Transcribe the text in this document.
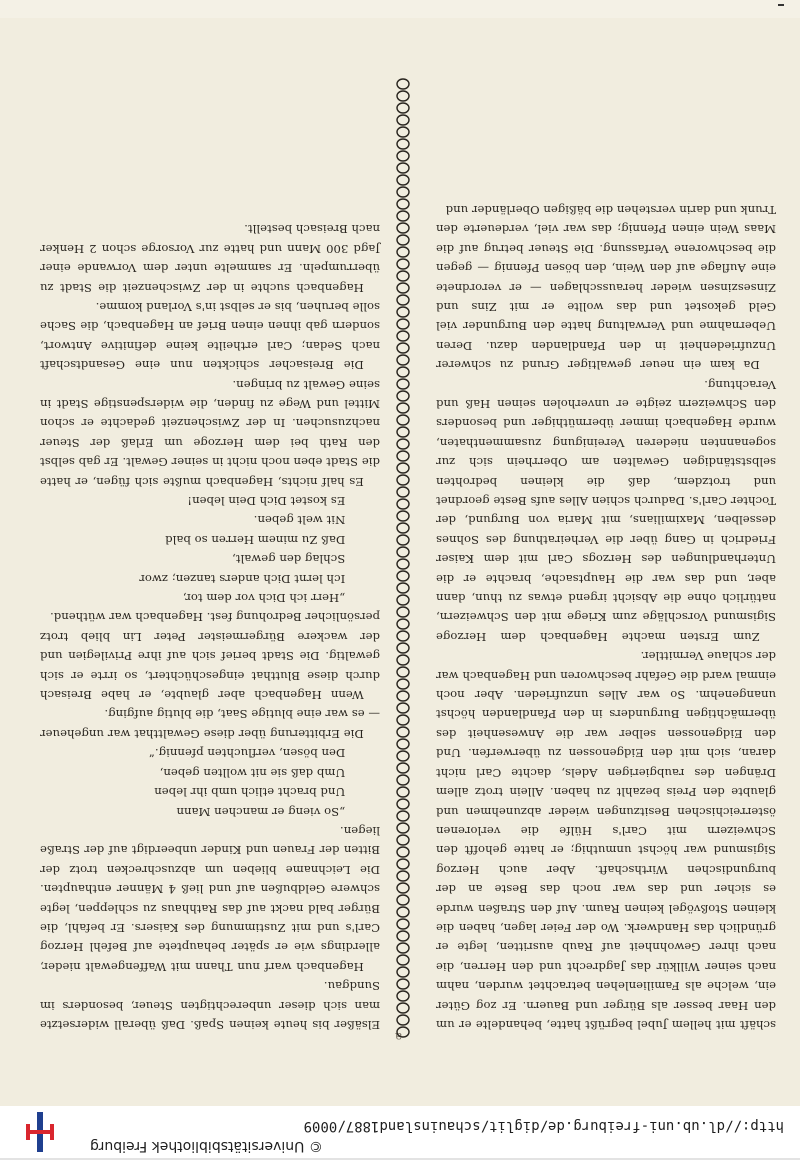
a

schäft mit hellem Jubel begrüßt hatte, behandelte er um den Haar besser als Bürger und Bauern. Er zog Güter ein, welche als Familienlehen betrachtet wurden, nahm nach seiner Willkür das Jagdrecht und den Herren, die nach ihrer Gewohnheit auf Raub ausritten, legte er gründlich das Handwerk. Wo der Feier lagen, haben die kleinen Stoßvögel keinen Raum. Auf den Straßen wurde es sicher und das war noch das Beste an der burgundischen Wirthschaft. Aber auch Herzog Sigismund war höchst unmuthig; er hatte gehofft den Schweizern mit Carl's Hülfe die verlorenen österreichischen Besitzungen wieder abzunehmen und glaubte den Preis bezahlt zu haben. Allein trotz allem Drängen des raubgierigen Adels, dachte Carl nicht daran, sich mit den Eidgenossen zu überwerfen. Und den Eidgenossen selber war die Anwesenheit des übermächtigen Burgunders in den Pfandlanden höchst unangenehm. So war Alles unzufrieden. Aber noch einmal ward die Gefahr beschworen und Hagenbach war der schlaue Vermittler.

Zum Ersten machte Hagenbach dem Herzoge Sigismund Vorschläge zum Kriege mit den Schweizern, natürlich ohne die Absicht irgend etwas zu thun, dann aber, und das war die Hauptsache, brachte er die Unterhandlungen des Herzogs Carl mit dem Kaiser Friedrich in Gang über die Verheirathung des Sohnes desselben, Maximilians, mit Maria von Burgund, der Tochter Carl's. Dadurch schien Alles aufs Beste geordnet und trotzdem, daß die kleinen bedrohten selbstständigen Gewalten am Oberrhein sich zur sogenannten niederen Vereinigung zusammenthaten, wurde Hagenbach immer übermüthiger und besonders den Schweizern zeigte er unverholen seinen Haß und Verachtung.

Da kam ein neuer gewaltiger Grund zu schwerer Unzufriedenheit in den Pfandlanden dazu. Deren Uebernahme und Verwaltung hatte den Burgunder viel Geld gekostet und das wollte er mit Zins und Zinseszinsen wieder herausschlagen — er verordnete eine Auflage auf den Wein, den bösen Pfennig — gegen die beschworene Verfassung. Die Steuer betrug auf die Maas Wein einen Pfennig; das war viel, verdeuerte den Trunk und darin verstehen die bäßigen Oberländer und

Elsäßer bis heute keinen Spaß. Daß überall widersetzte man sich dieser unberechtigten Steuer, besonders im Sundgau.

Hagenbach warf nun Thann mit Waffengewalt nieder, allerdings wie er später behauptete auf Befehl Herzog Carl's und mit Zustimmung des Kaisers. Er befahl, die Bürger bald nackt auf das Rathhaus zu schleppen, legte schwere Geldbußen auf und ließ 4 Männer enthaupten. Die Leichname blieben um abzuschrecken trotz der Bitten der Frauen und Kinder unbeerdigt auf der Straße liegen.

„So vieng er manchen Mann

Und bracht etlich umb ihr leben

Umb daß sie nit wollten geben,

Den bösen, verfluchten pfennig.“

Die Erbitterung über diese Gewaltthat war ungeheuer — es war eine blutige Saat, die blutig aufging.

Wenn Hagenbach aber glaubte, er habe Breisach durch diese Blutthat eingeschüchtert, so irrte er sich gewaltig. Die Stadt berief sich auf ihre Privilegien und der wackere Bürgermeister Peter Lin blieb trotz persönlicher Bedrohung fest. Hagenbach war wüthend.

„Herr ich Dich vor dem tor,

Ich lernt Dich anders tanzen; zwor

Schlag den gewalt,

Daß Zu minem Herren so bald

Nit welt geben.

Es kostet Dich Dein leben!

Es half nichts, Hagenbach mußte sich fügen, er hatte die Stadt eben noch nicht in seiner Gewalt. Er gab selbst den Rath bei dem Herzoge um Erlaß der Steuer nachzusuchen. In der Zwischenzeit gedachte er schon Mittel und Wege zu finden, die widerspenstige Stadt in seine Gewalt zu bringen.

Die Breisacher schickten nun eine Gesandtschaft nach Sedan; Carl ertheilte keine definitive Antwort, sondern gab ihnen einen Brief an Hagenbach, die Sache solle beruhen, bis er selbst in's Vorland komme.

Hagenbach suchte in der Zwischenzeit die Stadt zu überrumpeln. Er sammelte unter dem Vorwande einer Jagd 300 Mann und hatte zur Vorsorge schon 2 Henker nach Breisach bestellt.

© Universitätsbibliothek Freiburg
http://dl.ub.uni-freiburg.de/diglit/schauinsland1887/0009
